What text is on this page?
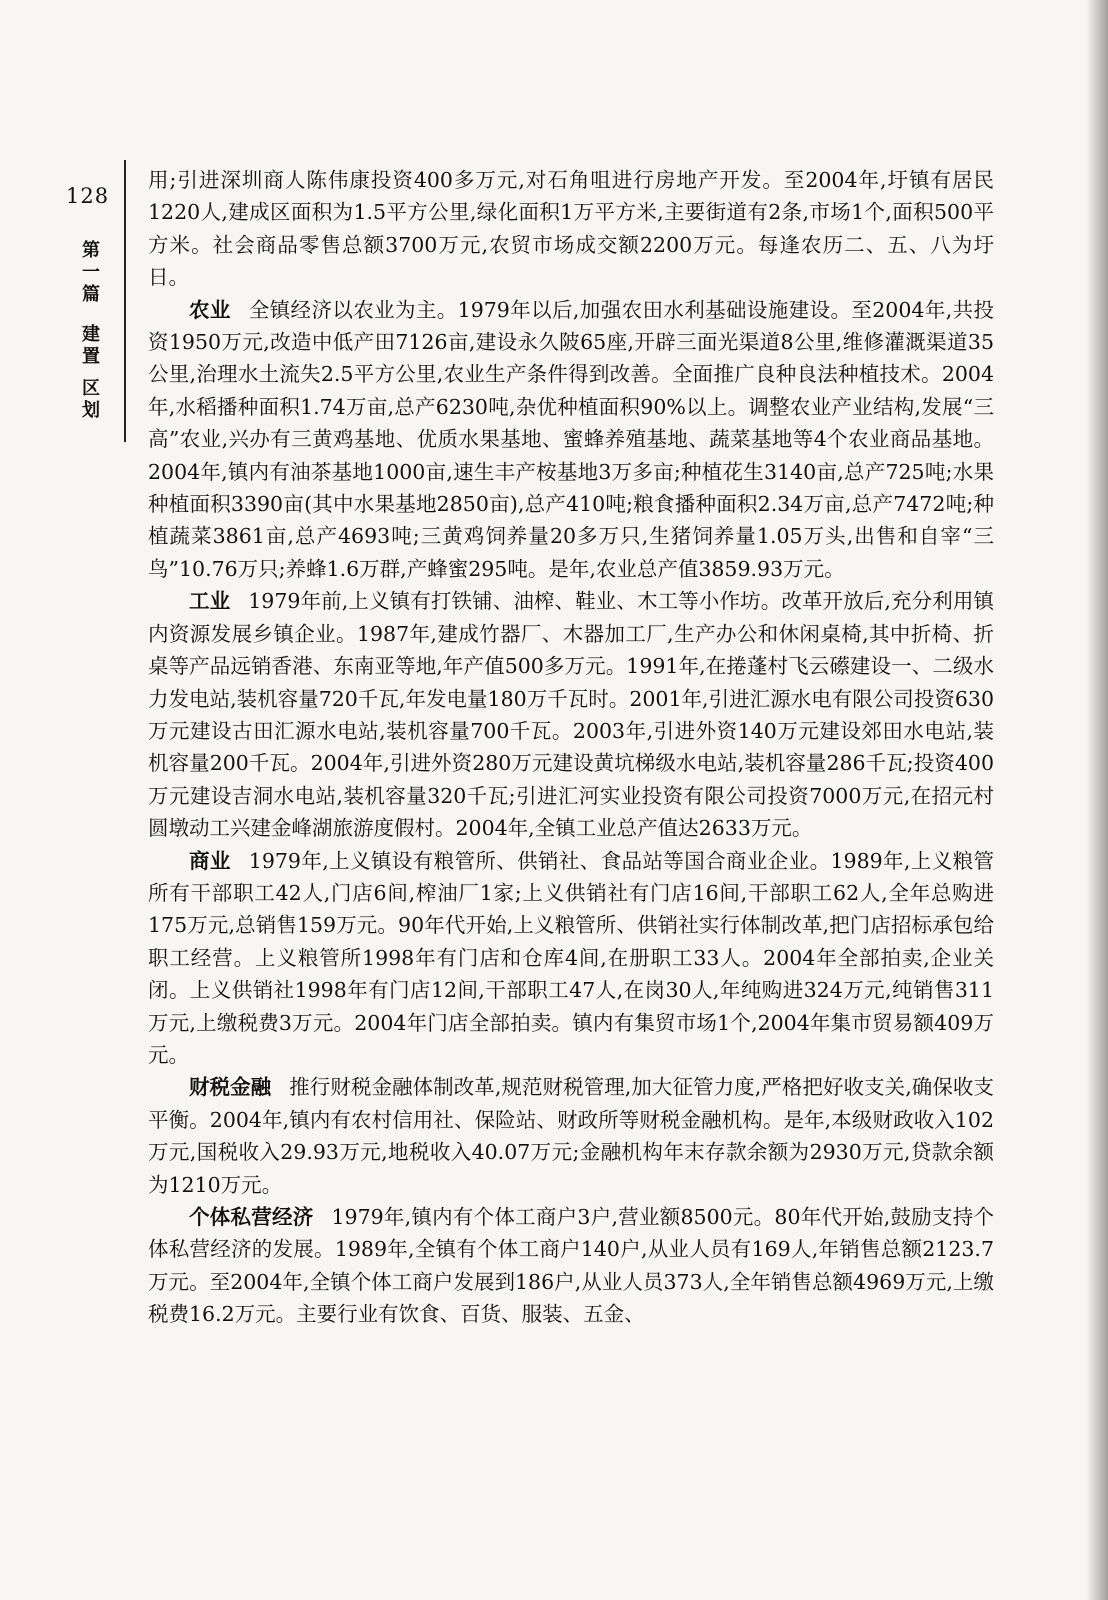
128
第
一
篇
建
置
区
划

用;引进深圳商人陈伟康投资400多万元,对石角咀进行房地产开发。至2004年,圩镇有居民1220人,建成区面积为1.5平方公里,绿化面积1万平方米,主要街道有2条,市场1个,面积500平方米。社会商品零售总额3700万元,农贸市场成交额2200万元。每逢农历二、五、八为圩日。

农业 全镇经济以农业为主。1979年以后,加强农田水利基础设施建设。至2004年,共投资1950万元,改造中低产田7126亩,建设永久陂65座,开辟三面光渠道8公里,维修灌溉渠道35公里,治理水土流失2.5平方公里,农业生产条件得到改善。全面推广良种良法种植技术。2004年,水稻播种面积1.74万亩,总产6230吨,杂优种植面积90%以上。调整农业产业结构,发展“三高”农业,兴办有三黄鸡基地、优质水果基地、蜜蜂养殖基地、蔬菜基地等4个农业商品基地。2004年,镇内有油茶基地1000亩,速生丰产桉基地3万多亩;种植花生3140亩,总产725吨;水果种植面积3390亩(其中水果基地2850亩),总产410吨;粮食播种面积2.34万亩,总产7472吨;种植蔬菜3861亩,总产4693吨;三黄鸡饲养量20多万只,生猪饲养量1.05万头,出售和自宰“三鸟”10.76万只;养蜂1.6万群,产蜂蜜295吨。是年,农业总产值3859.93万元。

工业 1979年前,上义镇有打铁铺、油榨、鞋业、木工等小作坊。改革开放后,充分利用镇内资源发展乡镇企业。1987年,建成竹器厂、木器加工厂,生产办公和休闲桌椅,其中折椅、折桌等产品远销香港、东南亚等地,年产值500多万元。1991年,在捲蓬村飞云礤建设一、二级水力发电站,装机容量720千瓦,年发电量180万千瓦时。2001年,引进汇源水电有限公司投资630万元建设古田汇源水电站,装机容量700千瓦。2003年,引进外资140万元建设郊田水电站,装机容量200千瓦。2004年,引进外资280万元建设黄坑梯级水电站,装机容量286千瓦;投资400万元建设吉洞水电站,装机容量320千瓦;引进汇河实业投资有限公司投资7000万元,在招元村圆墩动工兴建金峰湖旅游度假村。2004年,全镇工业总产值达2633万元。

商业 1979年,上义镇设有粮管所、供销社、食品站等国合商业企业。1989年,上义粮管所有干部职工42人,门店6间,榨油厂1家;上义供销社有门店16间,干部职工62人,全年总购进175万元,总销售159万元。90年代开始,上义粮管所、供销社实行体制改革,把门店招标承包给职工经营。上义粮管所1998年有门店和仓库4间,在册职工33人。2004年全部拍卖,企业关闭。上义供销社1998年有门店12间,干部职工47人,在岗30人,年纯购进324万元,纯销售311万元,上缴税费3万元。2004年门店全部拍卖。镇内有集贸市场1个,2004年集市贸易额409万元。

财税金融 推行财税金融体制改革,规范财税管理,加大征管力度,严格把好收支关,确保收支平衡。2004年,镇内有农村信用社、保险站、财政所等财税金融机构。是年,本级财政收入102万元,国税收入29.93万元,地税收入40.07万元;金融机构年末存款余额为2930万元,贷款余额为1210万元。

个体私营经济 1979年,镇内有个体工商户3户,营业额8500元。80年代开始,鼓励支持个体私营经济的发展。1989年,全镇有个体工商户140户,从业人员有169人,年销售总额2123.7万元。至2004年,全镇个体工商户发展到186户,从业人员373人,全年销售总额4969万元,上缴税费16.2万元。主要行业有饮食、百货、服装、五金、
